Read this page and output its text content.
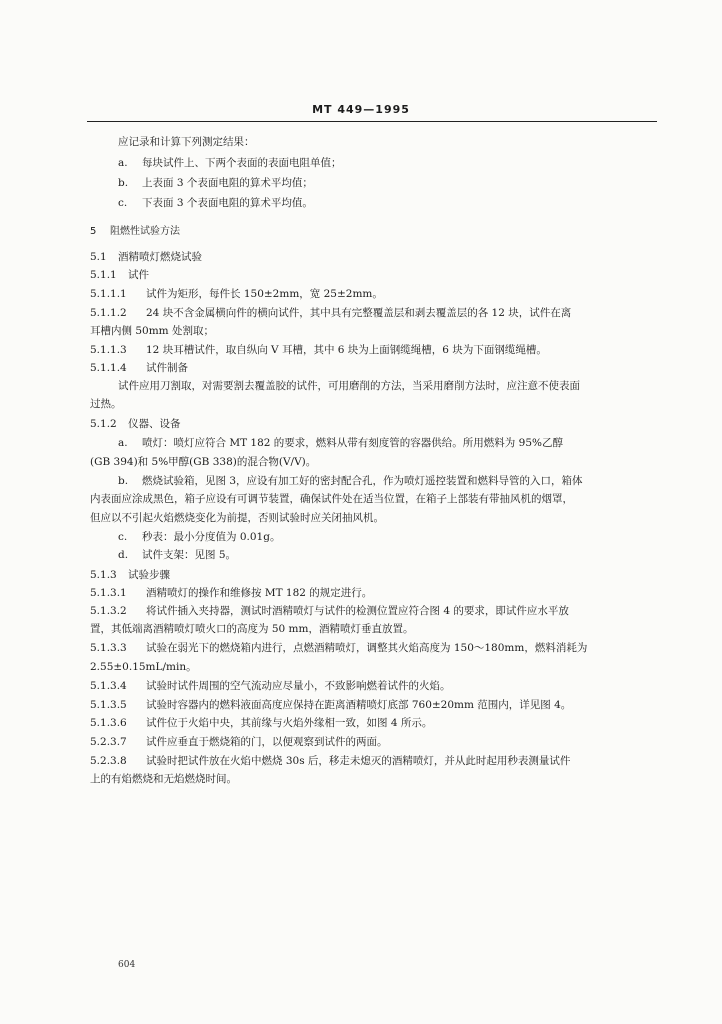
MT 449—1995
应记录和计算下列测定结果：
a. 每块试件上、下两个表面的表面电阻单值；
b. 上表面 3 个表面电阻的算术平均值；
c. 下表面 3 个表面电阻的算术平均值。
5 阻燃性试验方法
5.1 酒精喷灯燃烧试验
5.1.1 试件
5.1.1.1 试件为矩形，每件长 150±2mm，宽 25±2mm。
5.1.1.2 24 块不含金属横向件的横向试件，其中具有完整覆盖层和剥去覆盖层的各 12 块，试件在离
耳槽内侧 50mm 处割取；
5.1.1.3 12 块耳槽试件，取自纵向 V 耳槽，其中 6 块为上面钢缆绳槽，6 块为下面钢缆绳槽。
5.1.1.4 试件制备
试件应用刀割取，对需要割去覆盖胶的试件，可用磨削的方法，当采用磨削方法时，应注意不使表面
过热。
5.1.2 仪器、设备
a. 喷灯：喷灯应符合 MT 182 的要求，燃料从带有刻度管的容器供给。所用燃料为 95%乙醇
(GB 394)和 5%甲醇(GB 338)的混合物(V/V)。
b. 燃烧试验箱，见图 3，应设有加工好的密封配合孔，作为喷灯遥控装置和燃料导管的入口，箱体
内表面应涂成黑色，箱子应设有可调节装置，确保试件处在适当位置，在箱子上部装有带抽风机的烟罩，
但应以不引起火焰燃烧变化为前提，否则试验时应关闭抽风机。
c. 秒表：最小分度值为 0.01g。
d. 试件支架：见图 5。
5.1.3 试验步骤
5.1.3.1 酒精喷灯的操作和维修按 MT 182 的规定进行。
5.1.3.2 将试件插入夹持器，测试时酒精喷灯与试件的检测位置应符合图 4 的要求，即试件应水平放
置，其低端离酒精喷灯喷火口的高度为 50 mm，酒精喷灯垂直放置。
5.1.3.3 试验在弱光下的燃烧箱内进行，点燃酒精喷灯，调整其火焰高度为 150～180mm，燃料消耗为
2.55±0.15mL/min。
5.1.3.4 试验时试件周围的空气流动应尽量小，不致影响燃着试件的火焰。
5.1.3.5 试验时容器内的燃料液面高度应保持在距离酒精喷灯底部 760±20mm 范围内，详见图 4。
5.1.3.6 试件位于火焰中央，其前缘与火焰外缘相一致，如图 4 所示。
5.2.3.7 试件应垂直于燃烧箱的门，以便观察到试件的两面。
5.2.3.8 试验时把试件放在火焰中燃烧 30s 后，移走未熄灭的酒精喷灯，并从此时起用秒表测量试件
上的有焰燃烧和无焰燃烧时间。
604
